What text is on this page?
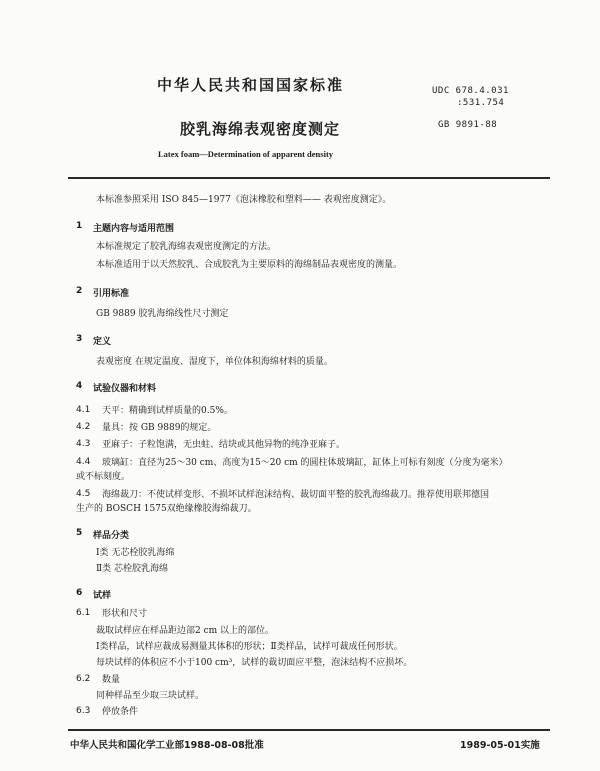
中华人民共和国国家标准	UDC 678.4.031
:531.754
胶乳海绵表观密度测定	GB 9891-88
Latex foam—Determination of apparent density
本标准参照采用 ISO 845—1977《泡沫橡胶和塑料—— 表观密度测定》。
1 主题内容与适用范围
本标准规定了胶乳海绵表观密度测定的方法。
本标准适用于以天然胶乳、合成胶乳为主要原料的海绵制品表观密度的测量。
2 引用标准
GB 9889 胶乳海绵线性尺寸测定
3 定义
表观密度 在规定温度、湿度下，单位体积海绵材料的质量。
4 试验仪器和材料
4.1 天平：精确到试样质量的0.5%。
4.2 量具：按 GB 9889的规定。
4.3 亚麻子：子粒饱满，无虫蛀、结块或其他异物的纯净亚麻子。
4.4 玻璃缸：直径为25～30 cm、高度为15～20 cm 的圆柱体玻璃缸，缸体上可标有刻度（分度为毫米）
或不标刻度。
4.5 海绵裁刀：不使试样变形、不损坏试样泡沫结构、裁切面平整的胶乳海绵裁刀。推荐使用联邦德国
生产的 BOSCH 1575双绝缘橡胶海绵裁刀。
5 样品分类
Ⅰ类 无芯栓胶乳海绵
Ⅱ类 芯栓胶乳海绵
6 试样
6.1 形状和尺寸
裁取试样应在样品距边部2 cm 以上的部位。
Ⅰ类样品，试样应裁成易测量其体积的形状；Ⅱ类样品，试样可裁成任何形状。
每块试样的体积应不小于100 cm³，试样的裁切面应平整，泡沫结构不应损坏。
6.2 数量
同种样品至少取三块试样。
6.3 停放条件
中华人民共和国化学工业部1988-08-08批准	1989-05-01实施
